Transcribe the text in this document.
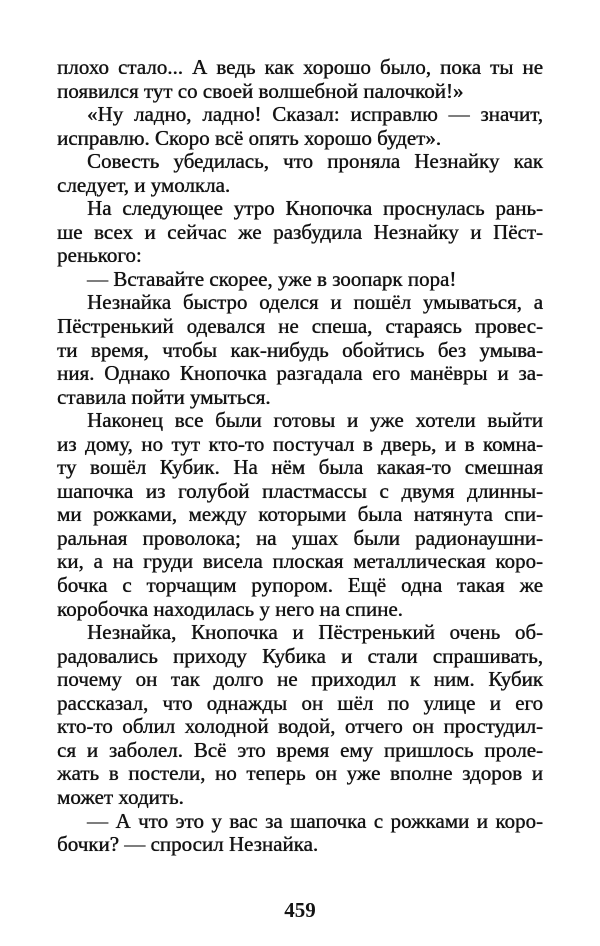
плохо стало... А ведь как хорошо было, пока ты не
появился тут со своей волшебной палочкой!»
«Ну ладно, ладно! Сказал: исправлю — значит,
исправлю. Скоро всё опять хорошо будет».
Совесть убедилась, что проняла Незнайку как
следует, и умолкла.
На следующее утро Кнопочка проснулась рань-
ше всех и сейчас же разбудила Незнайку и Пёст-
ренького:
— Вставайте скорее, уже в зоопарк пора!
Незнайка быстро оделся и пошёл умываться, а
Пёстренький одевался не спеша, стараясь провес-
ти время, чтобы как-нибудь обойтись без умыва-
ния. Однако Кнопочка разгадала его манёвры и за-
ставила пойти умыться.
Наконец все были готовы и уже хотели выйти
из дому, но тут кто-то постучал в дверь, и в комна-
ту вошёл Кубик. На нём была какая-то смешная
шапочка из голубой пластмассы с двумя длинны-
ми рожками, между которыми была натянута спи-
ральная проволока; на ушах были радионаушни-
ки, а на груди висела плоская металлическая коро-
бочка с торчащим рупором. Ещё одна такая же
коробочка находилась у него на спине.
Незнайка, Кнопочка и Пёстренький очень об-
радовались приходу Кубика и стали спрашивать,
почему он так долго не приходил к ним. Кубик
рассказал, что однажды он шёл по улице и его
кто-то облил холодной водой, отчего он простудил-
ся и заболел. Всё это время ему пришлось проле-
жать в постели, но теперь он уже вполне здоров и
может ходить.
— А что это у вас за шапочка с рожками и коро-
бочки? — спросил Незнайка.
459
